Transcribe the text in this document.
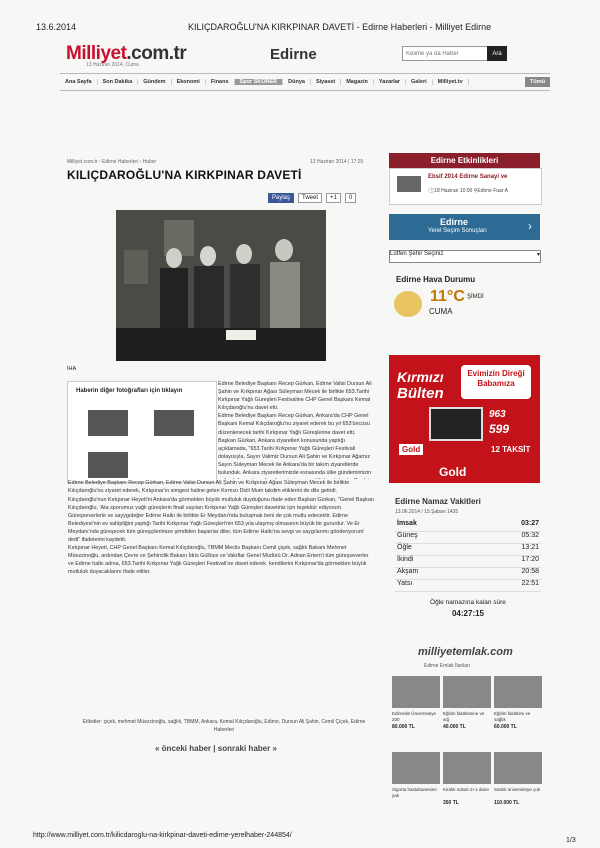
13.6.2014	KILIÇDAROĞLU'NA KIRKPINAR DAVETİ - Edirne Haberleri - Milliyet Edirne
Milliyet.com.tr
13 Haziran 2014, Cuma
Edirne
Kelime ya da Haber	Ara
Ana Sayfa	Son Dakika	Gündem	Ekonomi	Finans	Spor SKORER	Dünya	Siyaset	Magazin	Yazarlar	Galeri	Milliyet.tv	Tümü
Milliyet.com.tr › Edirne Haberleri › Haber	13 Haziran 2014 | 17:25
KILIÇDAROĞLU'NA KIRKPINAR DAVETİ
Paylaş	Tweet	+1	0
İHA
Haberin diğer fotoğrafları için tıklayın

Edirne Belediye Başkanı Recep Gürkan, Edirne Valisi Dursun Ali Şahin ve Kırkpınar Ağası Süleyman Mecek ile birlikte 653.Tarihi Kırkpınar Yağlı Güreşleri Festivaline CHP Genel Başkanı Kemal Kılıçdaroğlu'nu davet etti.

Edirne Belediye Başkanı Recep Gürkan, Ankara'da CHP Genel Başkanı Kemal Kılıçdaroğlu'nu ziyaret ederek bu yıl 653'üncüsü düzenlenecek tarihi Kırkpınar Yağlı Güreşlerine davet etti. Başkan Gürkan, Ankara ziyaretleri konusunda yaptığı açıklamada, "653.Tarihi Kırkpınar Yağlı Güreşleri Festivali dolayısıyla, Sayın Valimiz Dursun Ali Şahin ve Kırkpınar Ağamız Sayın Süleyman Mecek ile Ankara'da bir takım ziyaretlerde bulunduk. Ankara ziyaretlerimizde esnasında ülke gündemimizin

Edirne Belediye Başkanı Recep Gürkan, Edirne Valisi Dursun Ali Şahin ve Kırkpınar Ağası Süleyman Mecek ile birlikte Kılıçdaroğlu'nu ziyaret ederek, Kırkpınar'ın simgesi haline gelen Kırmızı Dizli Mum takdim etiklerini de dile getirdi.

Kılıçdaroğlu'nun Kırkpınar Heyeti'ni Ankara'da görmekten büyük mutluluk duyduğunu ifade eden Başkan Gürkan, "Genel Başkan Kılıçdaroğlu, 'Ata sporumuz yağlı güreşlerin finali sayılan Kırkpınar Yağlı Güreşleri davetiniz için teşekkür ediyorum. Güreşseverlerle ve sayygıdeğer Edirne Halkı ile birlikte Er Meydanı'nda buluşmak beni de çok mutlu edecektir. Edirne Belediyesi'nin ev sahipliğini yaptığı Tarihi Kırkpınar Yağlı Güreşleri'nin 653.yıla ulaşmış olmasının büyük bir gururdur. Ve Er Meydanı'nda güreşecek tüm güreşçilerimize şimdiden başarılar diler, tüm Edirne Halkı'na sevgi ve saygılarımı gönderiyorum' dedi" ifadelerini kaydetti.

Kırkpınar Heyeti, CHP Genel Başkanı Kemal Kılıçdaroğlu, TBMM Meclis Başkanı Cemil çiçek, sağlık Bakanı Mehmet Müezzinoğlu, ardından Çevre ve Şehircilik Bakanı İdris Güllüce ve Vakıflar Genel Müdürü Dr. Adnan Ertem'i tüm güreşseverler ve Edirne halkı adına, 653.Tarihi Kırkpınar Yağlı Güreşleri Festivali'ne davet ederek. kendilerini Kırkpınar'da görmekten büyük mutluluk duyacaklarını ifade ettiler.

Etiketler: çiçek, mehmet Müezzinoğlu, sağlık, TBMM, Ankara, Kemal Kılıçdaroğlu, Edirne, Dursun Ali Şahin, Cemil Çiçek, Edirne Haberleri
« önceki haber | sonraki haber »
Edirne Etkinlikleri
Ebsif 2014 Edirne Sanayi ve
🕑18 Haziran 10:00 ⚲Edirne Fuar A
Edirne
Yerel Seçim Sonuçları	›
Lütfen Şehir Seçiniz	▾
Edirne Hava Durumu
11°C ŞİMDİ
CUMA
Kırmızı
Bülten
Evimizin Direği Babamıza
963
599
Gold	12 TAKSİT
Gold
Edirne Namaz Vakitleri
13.06.2014 / 15 Şaban 1435
İmsak	03:27
Güneş	05:32
Öğle	13:21
İkindi	17:20
Akşam	20:58
Yatsı	22:51
Öğle namazına kalan süre
04:27:15
milliyetemlak.com
Edirne Emlak İlanları
Edirnede Üniversiteye 200
80.000 TL
Eğitim fakültesine ve sığ
40.000 TL
Eğitim fakültesi ve sağlık
60.000 TL
Sigorta hastahanesine yak
Kiralık sobalı 2+1 daire
350 TL
Satılık üniversiteye çok
110.000 TL
http://www.milliyet.com.tr/kilicdaroglu-na-kirkpinar-daveti-edirne-yerelhaber-244854/
1/3
